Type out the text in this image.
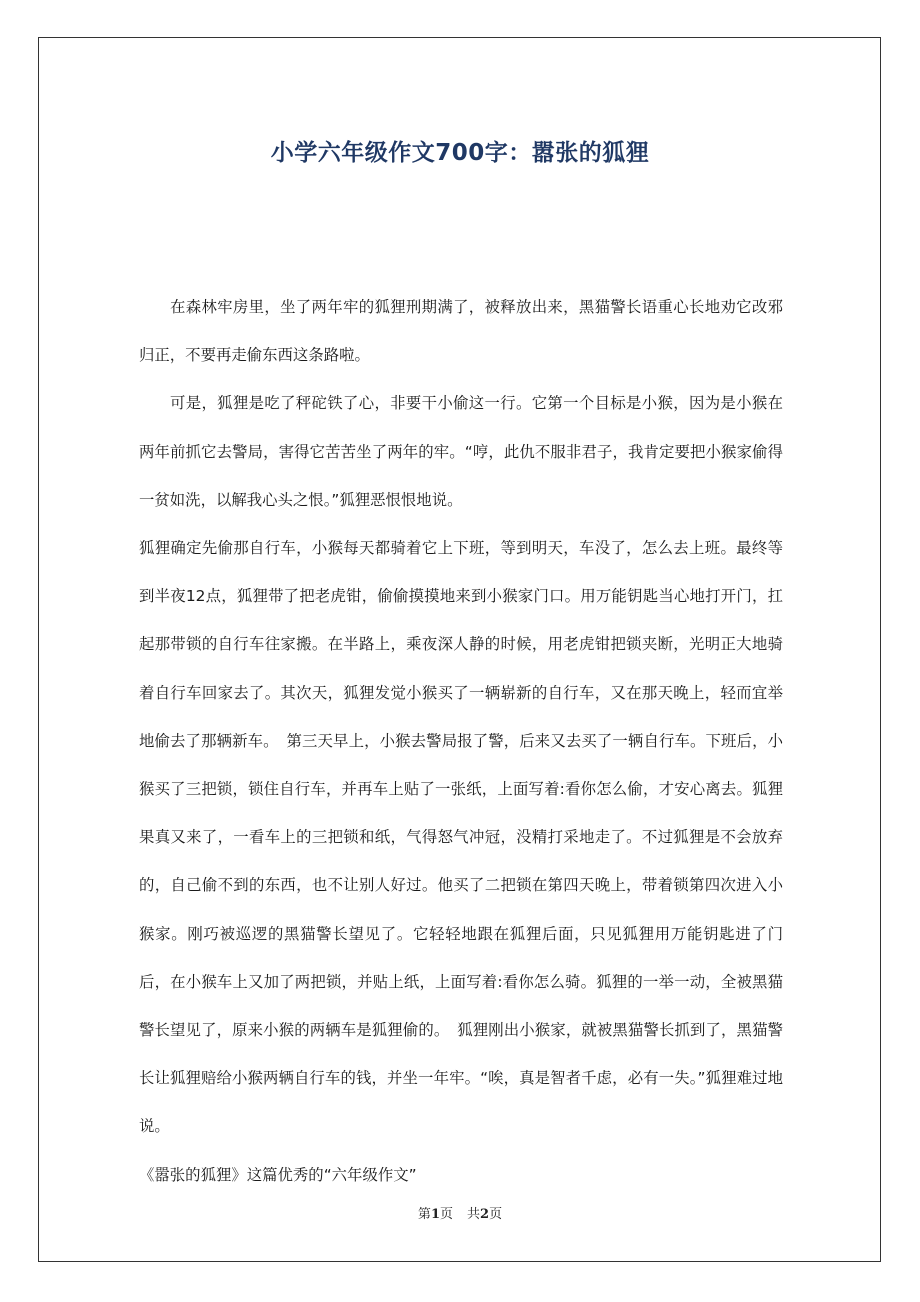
小学六年级作文700字：嚣张的狐狸

在森林牢房里，坐了两年牢的狐狸刑期满了，被释放出来，黑猫警长语重心长地劝它改邪归正，不要再走偷东西这条路啦。

可是，狐狸是吃了秤砣铁了心，非要干小偷这一行。它第一个目标是小猴，因为是小猴在两年前抓它去警局，害得它苦苦坐了两年的牢。“哼，此仇不服非君子，我肯定要把小猴家偷得一贫如洗，以解我心头之恨。”狐狸恶恨恨地说。

狐狸确定先偷那自行车，小猴每天都骑着它上下班，等到明天，车没了，怎么去上班。最终等到半夜12点，狐狸带了把老虎钳，偷偷摸摸地来到小猴家门口。用万能钥匙当心地打开门，扛起那带锁的自行车往家搬。在半路上，乘夜深人静的时候，用老虎钳把锁夹断，光明正大地骑着自行车回家去了。其次天，狐狸发觉小猴买了一辆崭新的自行车，又在那天晚上，轻而宜举地偷去了那辆新车。　第三天早上，小猴去警局报了警，后来又去买了一辆自行车。下班后，小猴买了三把锁，锁住自行车，并再车上贴了一张纸，上面写着:看你怎么偷，才安心离去。狐狸果真又来了，一看车上的三把锁和纸，气得怒气冲冠，没精打采地走了。不过狐狸是不会放弃的，自己偷不到的东西，也不让别人好过。他买了二把锁在第四天晚上，带着锁第四次进入小猴家。刚巧被巡逻的黑猫警长望见了。它轻轻地跟在狐狸后面，只见狐狸用万能钥匙进了门后，在小猴车上又加了两把锁，并贴上纸，上面写着:看你怎么骑。狐狸的一举一动，全被黑猫警长望见了，原来小猴的两辆车是狐狸偷的。　狐狸刚出小猴家，就被黑猫警长抓到了，黑猫警长让狐狸赔给小猴两辆自行车的钱，并坐一年牢。“唉，真是智者千虑，必有一失。”狐狸难过地说。

《嚣张的狐狸》这篇优秀的“六年级作文”

第1页 共2页
